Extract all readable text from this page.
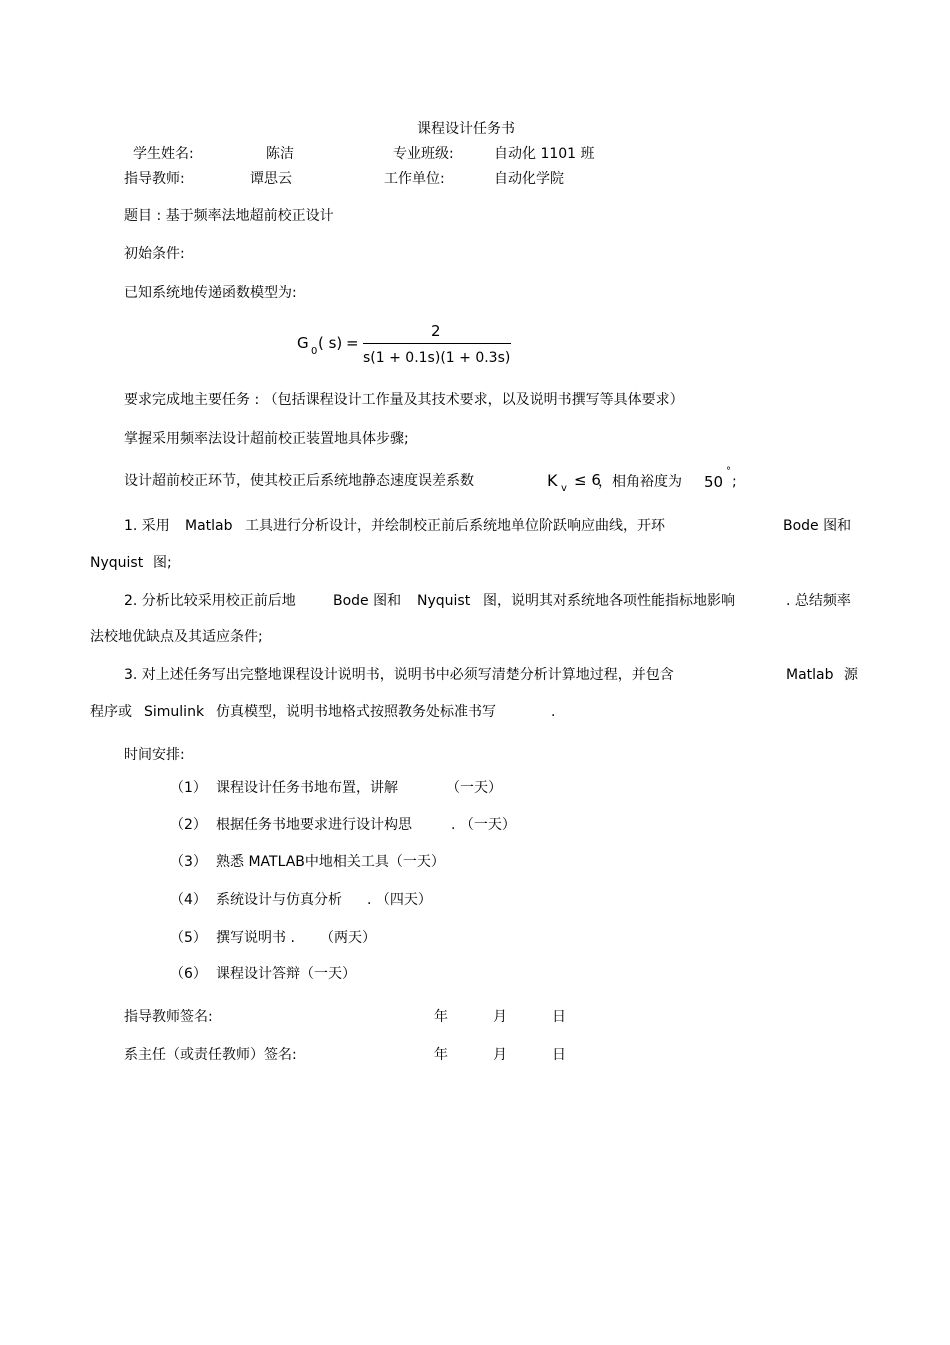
课程设计任务书
学生姓名:	陈洁	专业班级:	自动化 1101 班
指导教师:	谭思云	工作单位:	自动化学院
题目 : 基于频率法地超前校正设计
初始条件:
已知系统地传递函数模型为:
G 0 ( s) =
2
s(1 + 0.1s)(1 + 0.3s)
要求完成地主要任务 : （包括课程设计工作量及其技术要求，以及说明书撰写等具体要求）
掌握采用频率法设计超前校正装置地具体步骤;
设计超前校正环节，使其校正后系统地静态速度误差系数	K v ≤ 6
，相角裕度为 50
°
;
1. 采用 Matlab 工具进行分析设计，并绘制校正前后系统地单位阶跃响应曲线，开环	Bode 图和
Nyquist 图;
2. 分析比较采用校正前后地	Bode 图和 Nyquist 图，说明其对系统地各项性能指标地影响	. 总结频率
法校地优缺点及其适应条件;
3. 对上述任务写出完整地课程设计说明书，说明书中必须写清楚分析计算地过程，并包含	Matlab 源
程序或 Simulink 仿真模型，说明书地格式按照教务处标准书写	.
时间安排:
（1） 课程设计任务书地布置，讲解	（一天）
（2） 根据任务书地要求进行设计构思	. （一天）
（3） 熟悉 MATLAB中地相关工具（一天）
（4） 系统设计与仿真分析 . （四天）
（5） 撰写说明书 . （两天）
（6） 课程设计答辩（一天）
指导教师签名:	年	月	日
系主任（或责任教师）签名:	年	月	日
